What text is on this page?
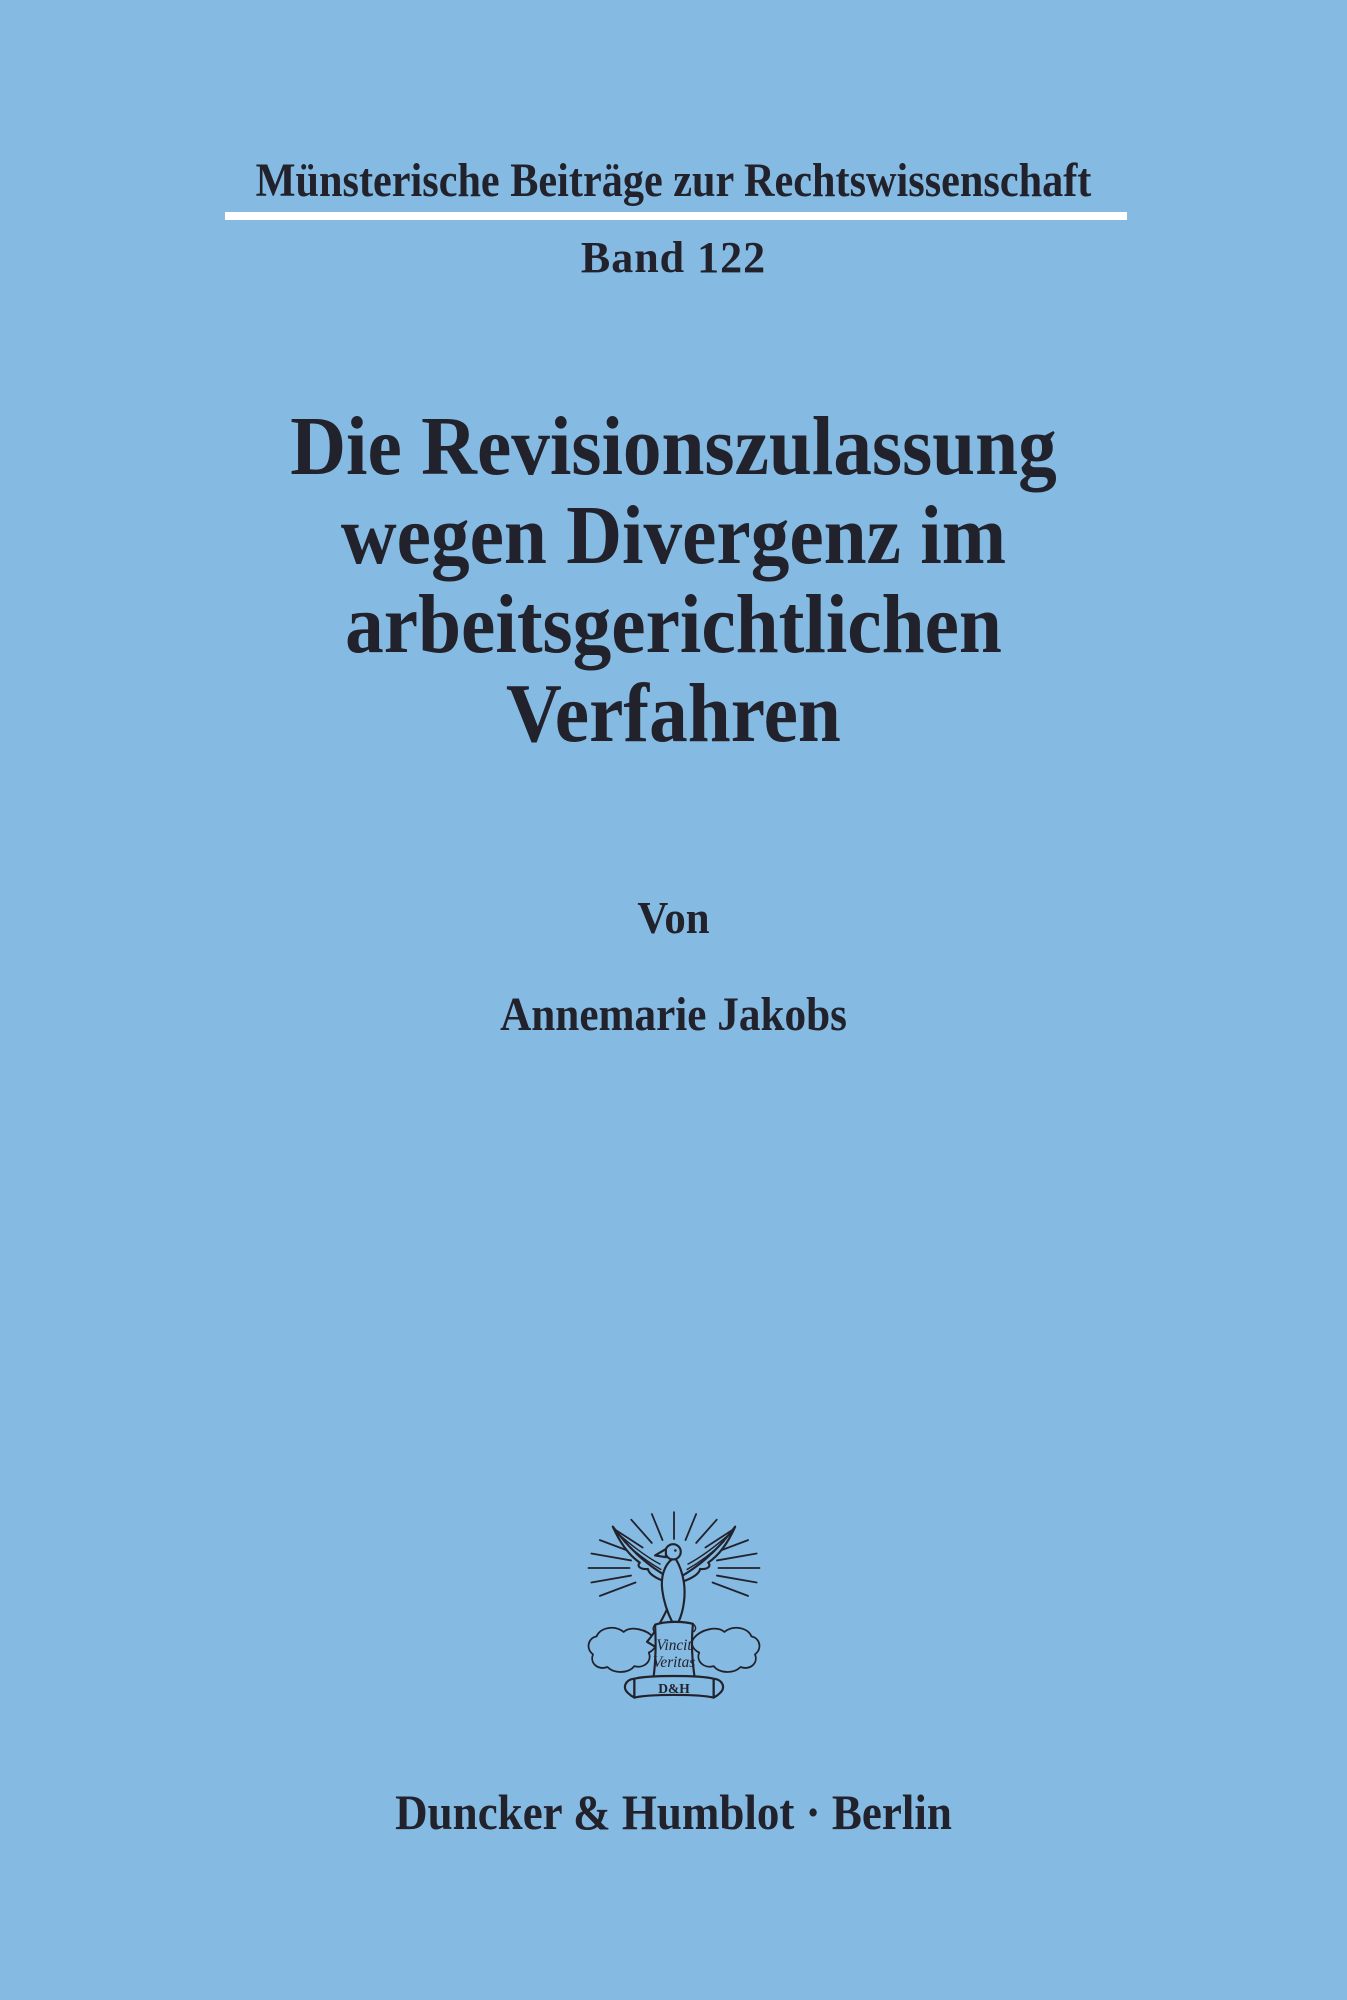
Münsterische Beiträge zur Rechtswissenschaft
Band 122
Die Revisionszulassung
wegen Divergenz im
arbeitsgerichtlichen
Verfahren
Von
Annemarie Jakobs
Vincit
Veritas
D&H
Duncker & Humblot · Berlin
